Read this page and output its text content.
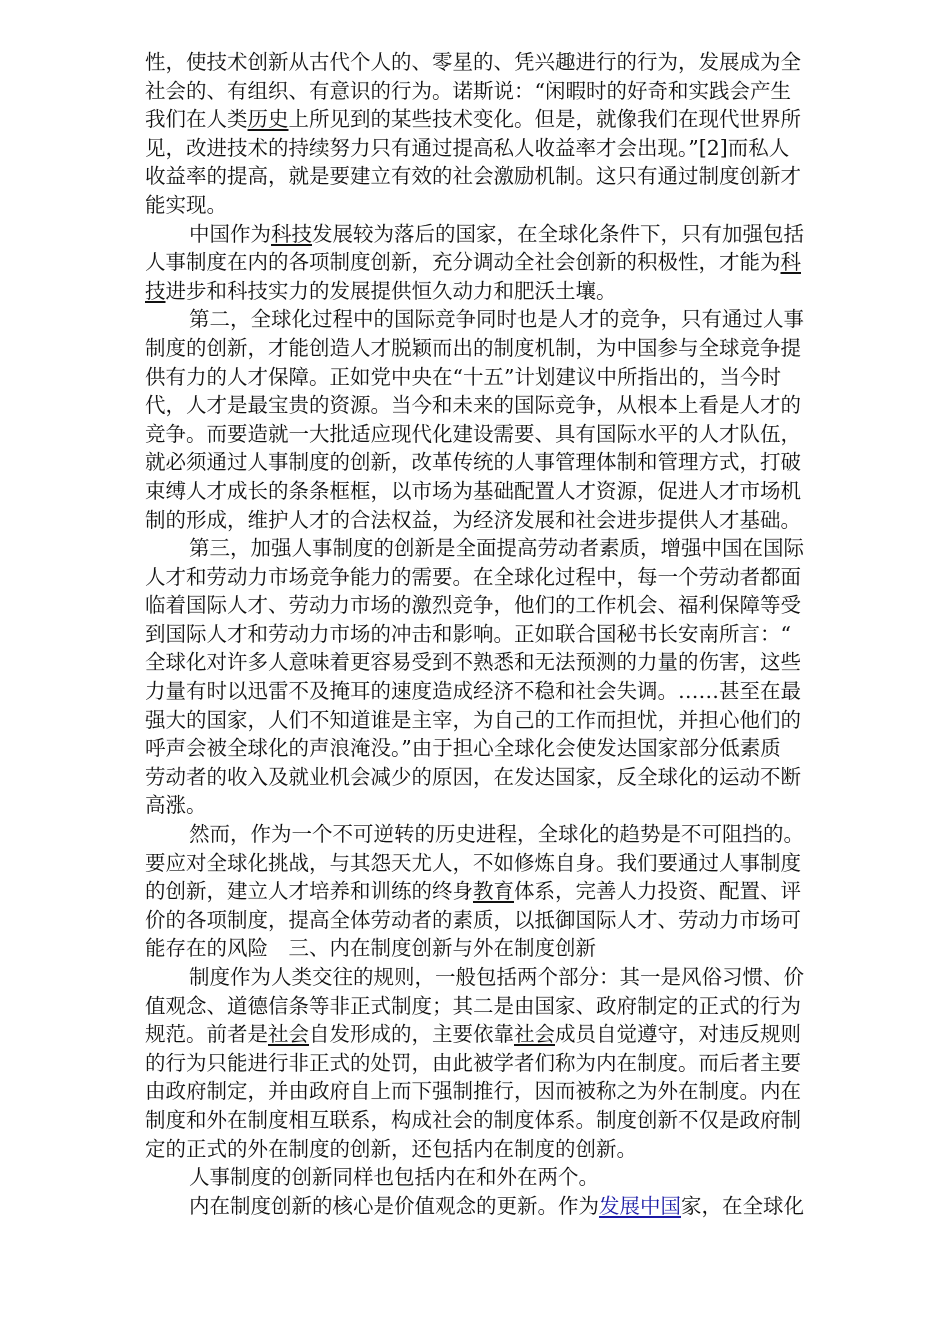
性，使技术创新从古代个人的、零星的、凭兴趣进行的行为，发展成为全
社会的、有组织、有意识的行为。诺斯说：“闲暇时的好奇和实践会产生
我们在人类历史上所见到的某些技术变化。但是，就像我们在现代世界所
见，改进技术的持续努力只有通过提高私人收益率才会出现。”[2]而私人
收益率的提高，就是要建立有效的社会激励机制。这只有通过制度创新才
能实现。
中国作为科技发展较为落后的国家，在全球化条件下，只有加强包括
人事制度在内的各项制度创新，充分调动全社会创新的积极性，才能为科
技进步和科技实力的发展提供恒久动力和肥沃土壤。
第二，全球化过程中的国际竞争同时也是人才的竞争，只有通过人事
制度的创新，才能创造人才脱颖而出的制度机制，为中国参与全球竞争提
供有力的人才保障。正如党中央在“十五”计划建议中所指出的，当今时
代，人才是最宝贵的资源。当今和未来的国际竞争，从根本上看是人才的
竞争。而要造就一大批适应现代化建设需要、具有国际水平的人才队伍，
就必须通过人事制度的创新，改革传统的人事管理体制和管理方式，打破
束缚人才成长的条条框框，以市场为基础配置人才资源，促进人才市场机
制的形成，维护人才的合法权益，为经济发展和社会进步提供人才基础。
第三，加强人事制度的创新是全面提高劳动者素质，增强中国在国际
人才和劳动力市场竞争能力的需要。在全球化过程中，每一个劳动者都面
临着国际人才、劳动力市场的激烈竞争，他们的工作机会、福利保障等受
到国际人才和劳动力市场的冲击和影响。正如联合国秘书长安南所言：“
全球化对许多人意味着更容易受到不熟悉和无法预测的力量的伤害，这些
力量有时以迅雷不及掩耳的速度造成经济不稳和社会失调。……甚至在最
强大的国家，人们不知道谁是主宰，为自己的工作而担忧，并担心他们的
呼声会被全球化的声浪淹没。”由于担心全球化会使发达国家部分低素质
劳动者的收入及就业机会减少的原因，在发达国家，反全球化的运动不断
高涨。
然而，作为一个不可逆转的历史进程，全球化的趋势是不可阻挡的。
要应对全球化挑战，与其怨天尤人，不如修炼自身。我们要通过人事制度
的创新，建立人才培养和训练的终身教育体系，完善人力投资、配置、评
价的各项制度，提高全体劳动者的素质，以抵御国际人才、劳动力市场可
能存在的风险　三、内在制度创新与外在制度创新
制度作为人类交往的规则，一般包括两个部分：其一是风俗习惯、价
值观念、道德信条等非正式制度；其二是由国家、政府制定的正式的行为
规范。前者是社会自发形成的，主要依靠社会成员自觉遵守，对违反规则
的行为只能进行非正式的处罚，由此被学者们称为内在制度。而后者主要
由政府制定，并由政府自上而下强制推行，因而被称之为外在制度。内在
制度和外在制度相互联系，构成社会的制度体系。制度创新不仅是政府制
定的正式的外在制度的创新，还包括内在制度的创新。
人事制度的创新同样也包括内在和外在两个。
内在制度创新的核心是价值观念的更新。作为发展中国家，在全球化
